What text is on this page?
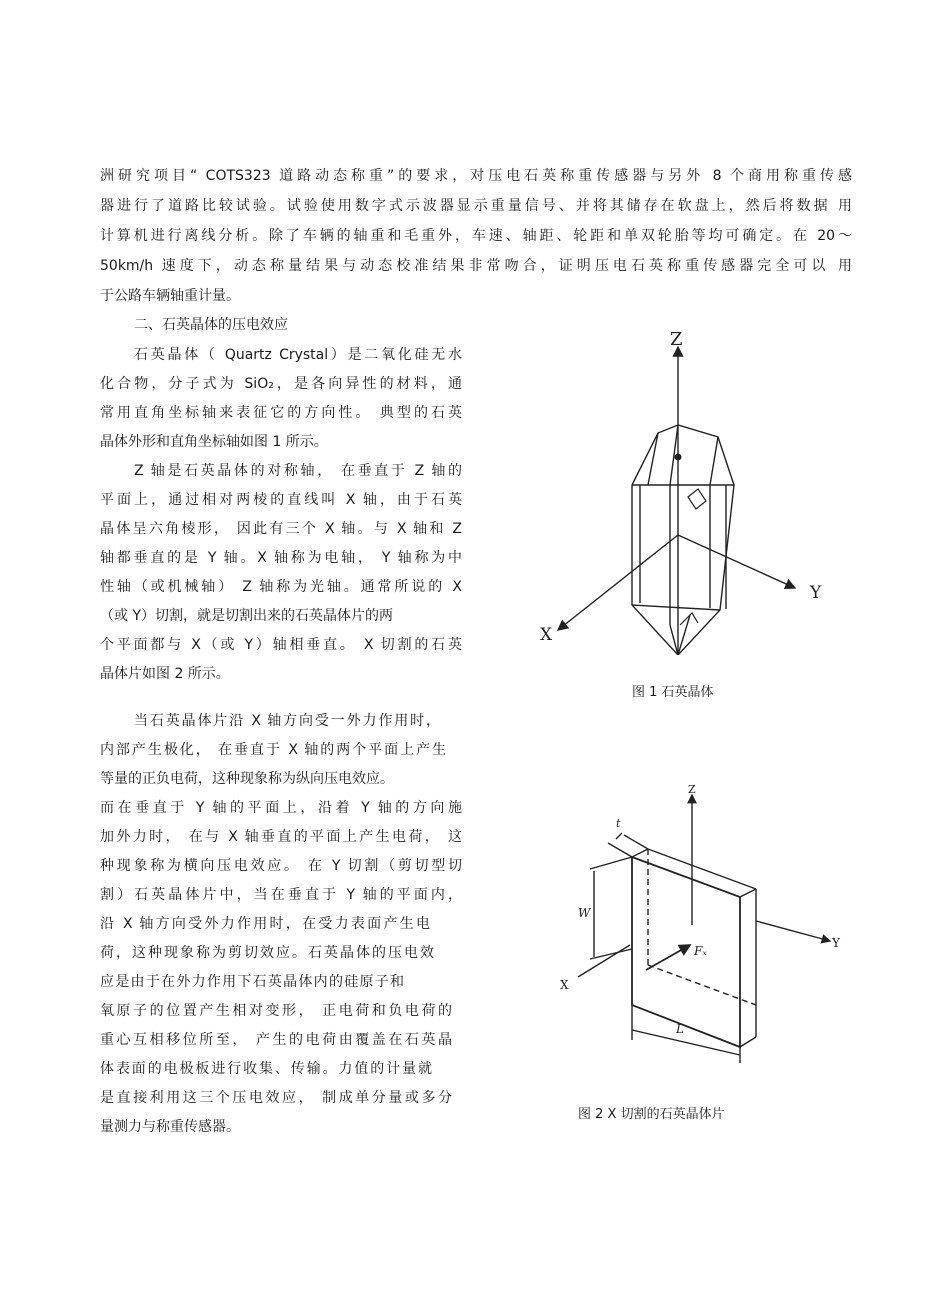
洲研究项目“ COTS323 道路动态称重”的要求，对压电石英称重传感器与另外 8 个商用称重传感
器进行了道路比较试验。试验使用数字式示波器显示重量信号、并将其储存在软盘上，然后将数据 用
计算机进行离线分析。除了车辆的轴重和毛重外，车速、轴距、轮距和单双轮胎等均可确定。在 20～
50km/h 速度下，动态称量结果与动态校准结果非常吻合，证明压电石英称重传感器完全可以 用
于公路车辆轴重计量。
二、石英晶体的压电效应
石英晶体（ Quartz Crystal）是二氧化硅无水
化合物，分子式为 SiO₂，是各向异性的材料，通
常用直角坐标轴来表征它的方向性。 典型的石英
晶体外形和直角坐标轴如图 1 所示。
Z 轴是石英晶体的对称轴， 在垂直于 Z 轴的
平面上，通过相对两棱的直线叫 X 轴，由于石英
晶体呈六角棱形， 因此有三个 X 轴。与 X 轴和 Z
轴都垂直的是 Y 轴。X 轴称为电轴， Y 轴称为中
性轴（或机械轴） Z 轴称为光轴。通常所说的 X
（或 Y）切割，就是切割出来的石英晶体片的两
个平面都与 X（或 Y）轴相垂直。 X 切割的石英
晶体片如图 2 所示。
当石英晶体片沿 X 轴方向受一外力作用时，
内部产生极化， 在垂直于 X 轴的两个平面上产生
等量的正负电荷，这种现象称为纵向压电效应。
而在垂直于 Y 轴的平面上，沿着 Y 轴的方向施
加外力时， 在与 X 轴垂直的平面上产生电荷， 这
种现象称为横向压电效应。 在 Y 切割（剪切型切
割）石英晶体片中，当在垂直于 Y 轴的平面内，
沿 X 轴方向受外力作用时，在受力表面产生电
荷，这种现象称为剪切效应。石英晶体的压电效
应是由于在外力作用下石英晶体内的硅原子和
氧原子的位置产生相对变形， 正电荷和负电荷的
重心互相移位所至， 产生的电荷由覆盖在石英晶
体表面的电极板进行收集、传输。力值的计量就
是直接利用这三个压电效应， 制成单分量或多分
量测力与称重传感器。
Z
Y
X
图 1 石英晶体
Z
Y
X
t
W
L
Fₓ
图 2 X 切割的石英晶体片
